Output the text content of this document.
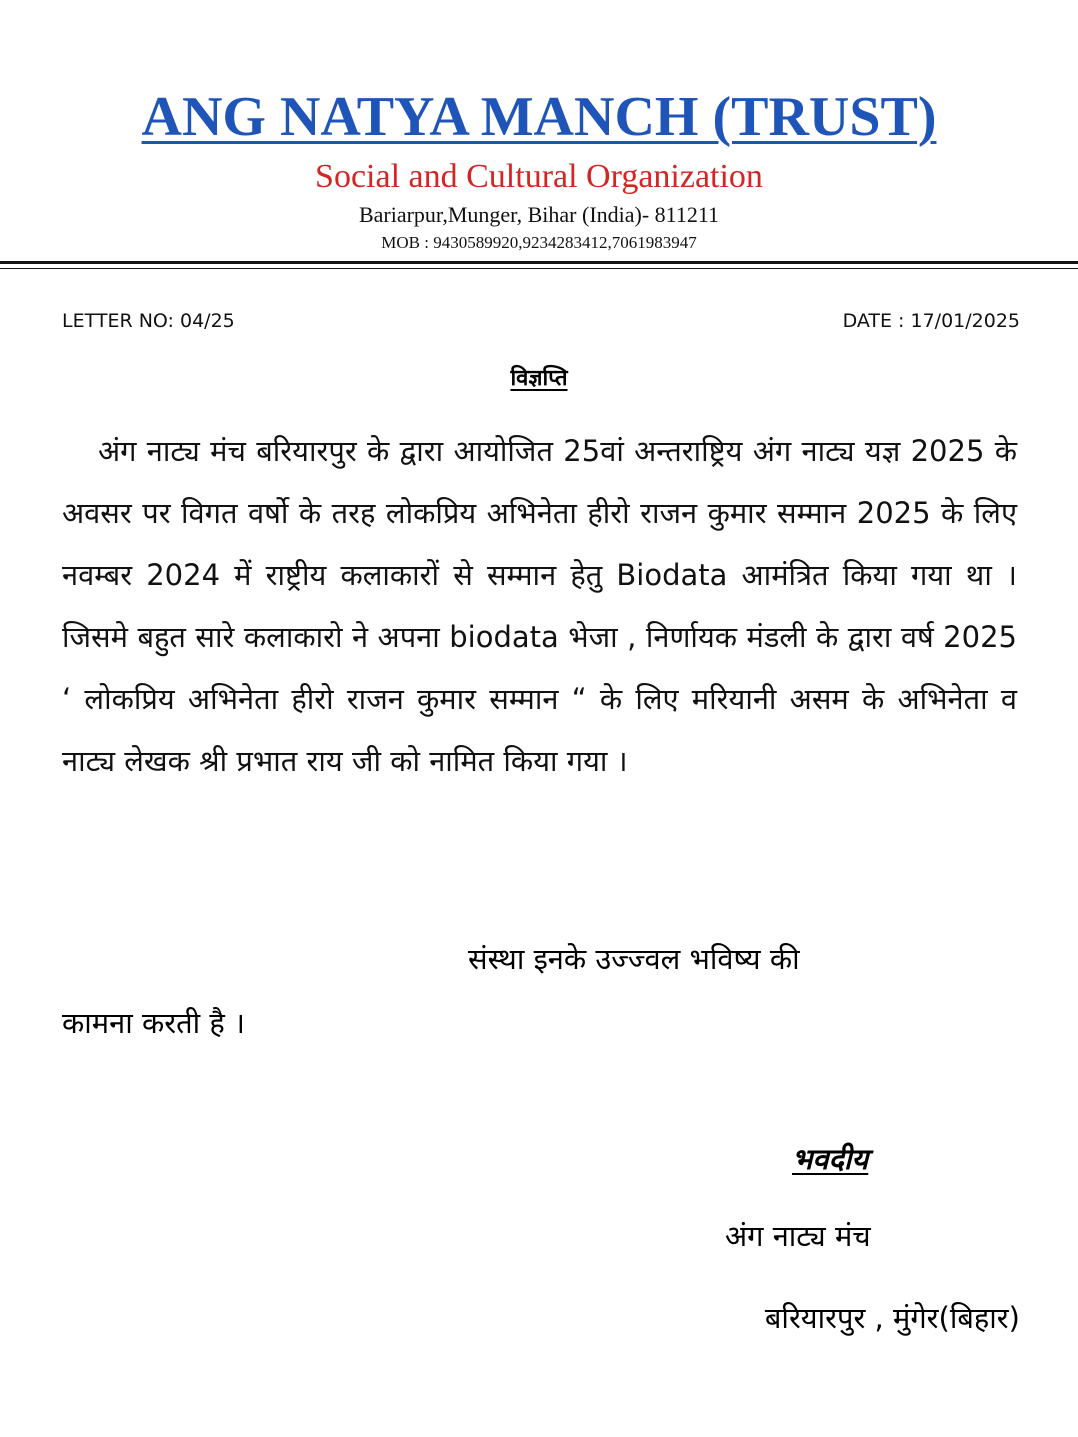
ANG NATYA MANCH (TRUST)
Social and Cultural Organization
Bariarpur,Munger, Bihar (India)- 811211
MOB : 9430589920,9234283412,7061983947
LETTER NO: 04/25	DATE : 17/01/2025
विज्ञप्ति

अंग नाट्य मंच बरियारपुर के द्वारा आयोजित 25वां अन्तराष्ट्रिय अंग नाट्य यज्ञ 2025 के अवसर पर विगत वर्षो के तरह लोकप्रिय अभिनेता हीरो राजन कुमार सम्मान 2025 के लिए नवम्बर 2024 में राष्ट्रीय कलाकारों से सम्मान हेतु Biodata आमंत्रित किया गया था । जिसमे बहुत सारे कलाकारो ने अपना biodata भेजा , निर्णायक मंडली के द्वारा वर्ष 2025 ‘ लोकप्रिय अभिनेता हीरो राजन कुमार सम्मान “ के लिए मरियानी असम के अभिनेता व नाट्य लेखक श्री प्रभात राय जी को नामित किया गया ।

संस्था इनके उज्ज्वल भविष्य की
कामना करती है ।
भवदीय
अंग नाट्य मंच
बरियारपुर , मुंगेर(बिहार)
